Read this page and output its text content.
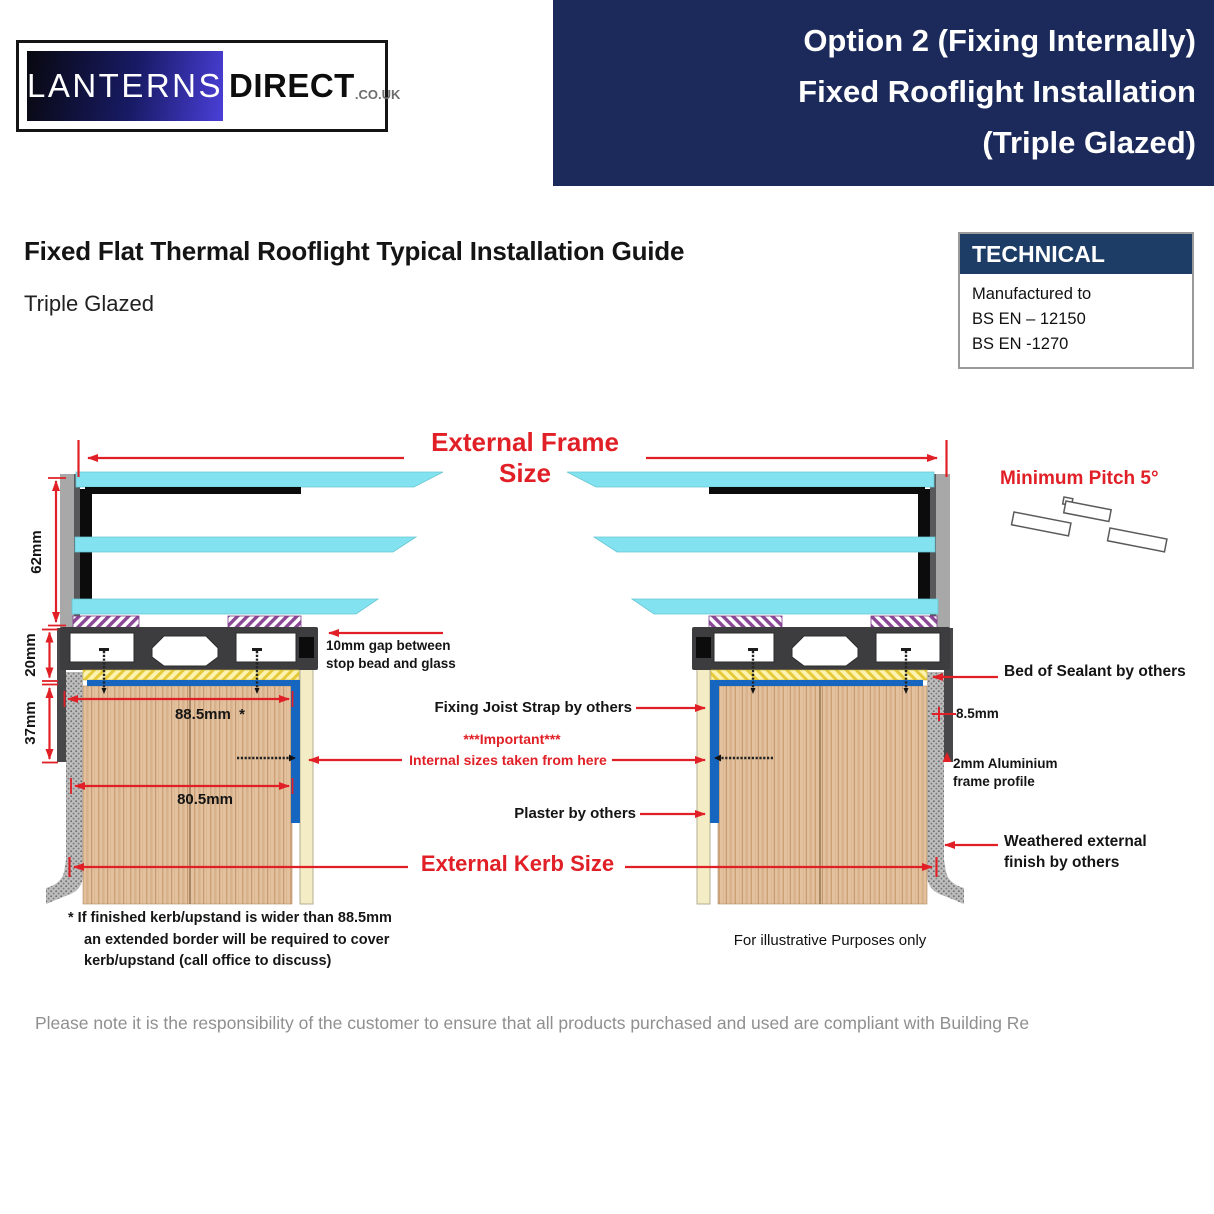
Option 2 (Fixing Internally)
Fixed Rooflight Installation
(Triple Glazed)
LANTERNS DIRECT .CO.UK
Fixed Flat Thermal Rooflight Typical Installation Guide
Triple Glazed
TECHNICAL
Manufactured to
BS EN – 12150
BS EN -1270
External Frame Size	Minimum Pitch 5°
62mm
20mm
37mm	88.5mm  *
80.5mm
10mm gap between
stop bead and glass
Fixing Joist Strap by others
***Important***
Internal sizes taken from here
Plaster by others
Bed of Sealant by others
8.5mm
2mm Aluminium
frame profile
Weathered external
finish by others
External Kerb Size
* If finished kerb/upstand is wider than 88.5mm
an extended border will be required to cover
kerb/upstand (call office to discuss)
For illustrative Purposes only
Please note it is the responsibility of the customer to ensure that all products purchased and used are compliant with Building Re
